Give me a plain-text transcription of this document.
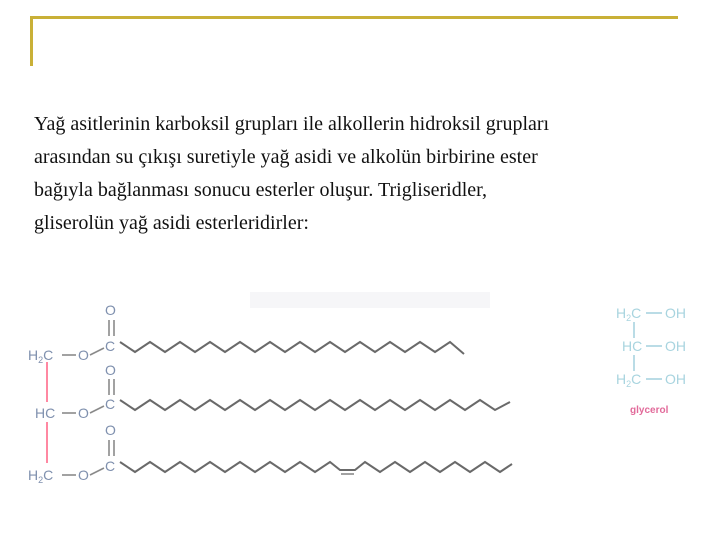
Yağ asitlerinin karboksil grupları ile alkollerin hidroksil grupları
arasından su çıkışı suretiyle yağ asidi ve alkolün birbirine ester
bağıyla bağlanması sonucu esterler oluşur. Trigliseridler,
gliserolün yağ asidi esterleridirler:

$H_2C$ O
C
O
HC O
C
O
$H_2C$ O
C
O
$H_2C$ OH
HC OH
$H_2C$ OH
glycerol
